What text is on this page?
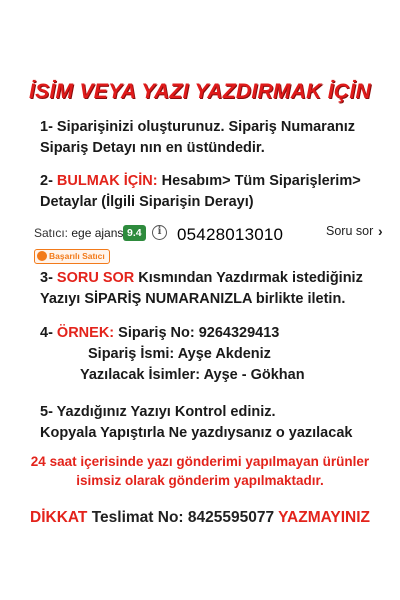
İSİM VEYA YAZI YAZDIRMAK İÇİN
1- Siparişinizi oluşturunuz. Sipariş Numaranız
Sipariş Detayı nın en üstündedir.
2- BULMAK İÇİN: Hesabım> Tüm Siparişlerim>
Detaylar (İlgili Siparişin Derayı)
Satıcı: ege ajans 9.4	i 05428013010	Soru sor ›
Başarılı Satıcı
3- SORU SOR Kısmından Yazdırmak istediğiniz
Yazıyı SİPARİŞ NUMARANIZLA birlikte iletin.
4- ÖRNEK: Sipariş No: 9264329413
Sipariş İsmi: Ayşe Akdeniz
Yazılacak İsimler: Ayşe - Gökhan
5- Yazdığınız Yazıyı Kontrol ediniz.
Kopyala Yapıştırla Ne yazdıysanız o yazılacak
24 saat içerisinde yazı gönderimi yapılmayan ürünler
isimsiz olarak gönderim yapılmaktadır.
DİKKAT Teslimat No: 8425595077 YAZMAYINIZ
